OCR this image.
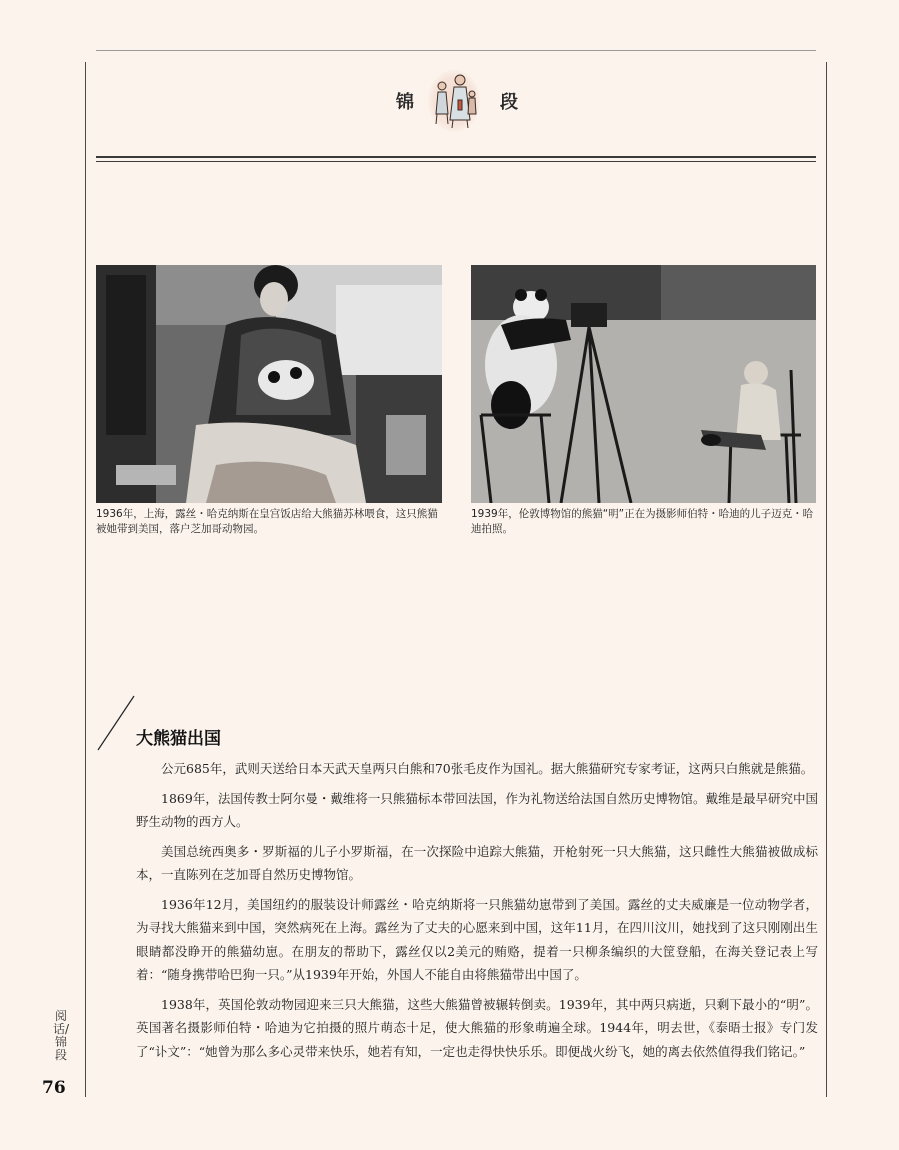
锦	段
1936年，上海，露丝・哈克纳斯在皇宫饭店给大熊猫苏林喂食，这只熊猫被她带到美国，落户芝加哥动物园。
1939年，伦敦博物馆的熊猫“明”正在为摄影师伯特・哈迪的儿子迈克・哈迪拍照。
大熊猫出国

公元685年，武则天送给日本天武天皇两只白熊和70张毛皮作为国礼。据大熊猫研究专家考证，这两只白熊就是熊猫。

1869年，法国传教士阿尔曼・戴维将一只熊猫标本带回法国，作为礼物送给法国自然历史博物馆。戴维是最早研究中国野生动物的西方人。

美国总统西奥多・罗斯福的儿子小罗斯福，在一次探险中追踪大熊猫，开枪射死一只大熊猫，这只雌性大熊猫被做成标本，一直陈列在芝加哥自然历史博物馆。

1936年12月，美国纽约的服装设计师露丝・哈克纳斯将一只熊猫幼崽带到了美国。露丝的丈夫威廉是一位动物学者，为寻找大熊猫来到中国，突然病死在上海。露丝为了丈夫的心愿来到中国，这年11月，在四川汶川，她找到了这只刚刚出生眼睛都没睁开的熊猫幼崽。在朋友的帮助下，露丝仅以2美元的贿赂，提着一只柳条编织的大筐登船，在海关登记表上写着：“随身携带哈巴狗一只。”从1939年开始，外国人不能自由将熊猫带出中国了。

1938年，英国伦敦动物园迎来三只大熊猫，这些大熊猫曾被辗转倒卖。1939年，其中两只病逝，只剩下最小的“明”。英国著名摄影师伯特・哈迪为它拍摄的照片萌态十足，使大熊猫的形象萌遍全球。1944年，明去世，《泰晤士报》专门发了“讣文”：“她曾为那么多心灵带来快乐，她若有知，一定也走得快快乐乐。即便战火纷飞，她的离去依然值得我们铭记。”

阅话/锦段
76
